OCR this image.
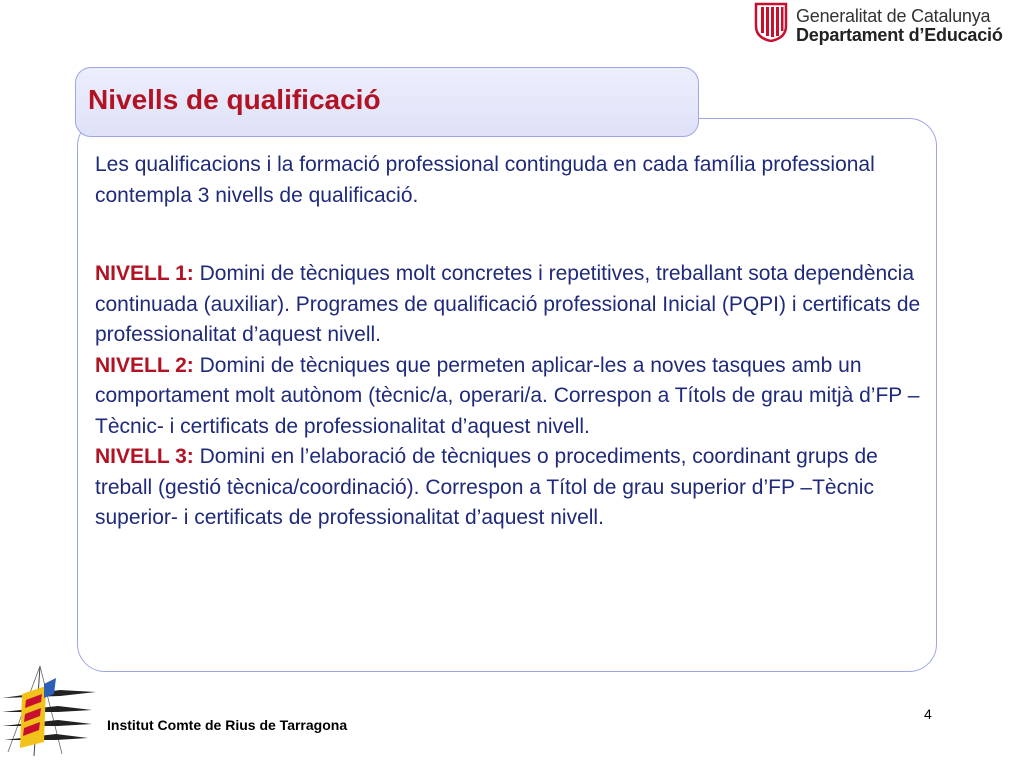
Generalitat de Catalunya
Departament d’Educació
Nivells de qualificació

Les qualificacions i la formació professional continguda en cada família professional contempla 3 nivells de qualificació.

NIVELL 1: Domini de tècniques molt concretes i repetitives, treballant sota dependència continuada (auxiliar). Programes de qualificació professional Inicial (PQPI) i certificats de professionalitat d’aquest nivell.

NIVELL 2: Domini de tècniques que permeten aplicar-les a noves tasques amb un comportament molt autònom (tècnic/a, operari/a. Correspon a Títols de grau mitjà d’FP –Tècnic- i certificats de professionalitat d’aquest nivell.

NIVELL 3: Domini en l’elaboració de tècniques o procediments, coordinant grups de treball (gestió tècnica/coordinació). Correspon a Títol de grau superior d’FP –Tècnic superior- i certificats de professionalitat d’aquest nivell.

Institut Comte de Rius de Tarragona
4
